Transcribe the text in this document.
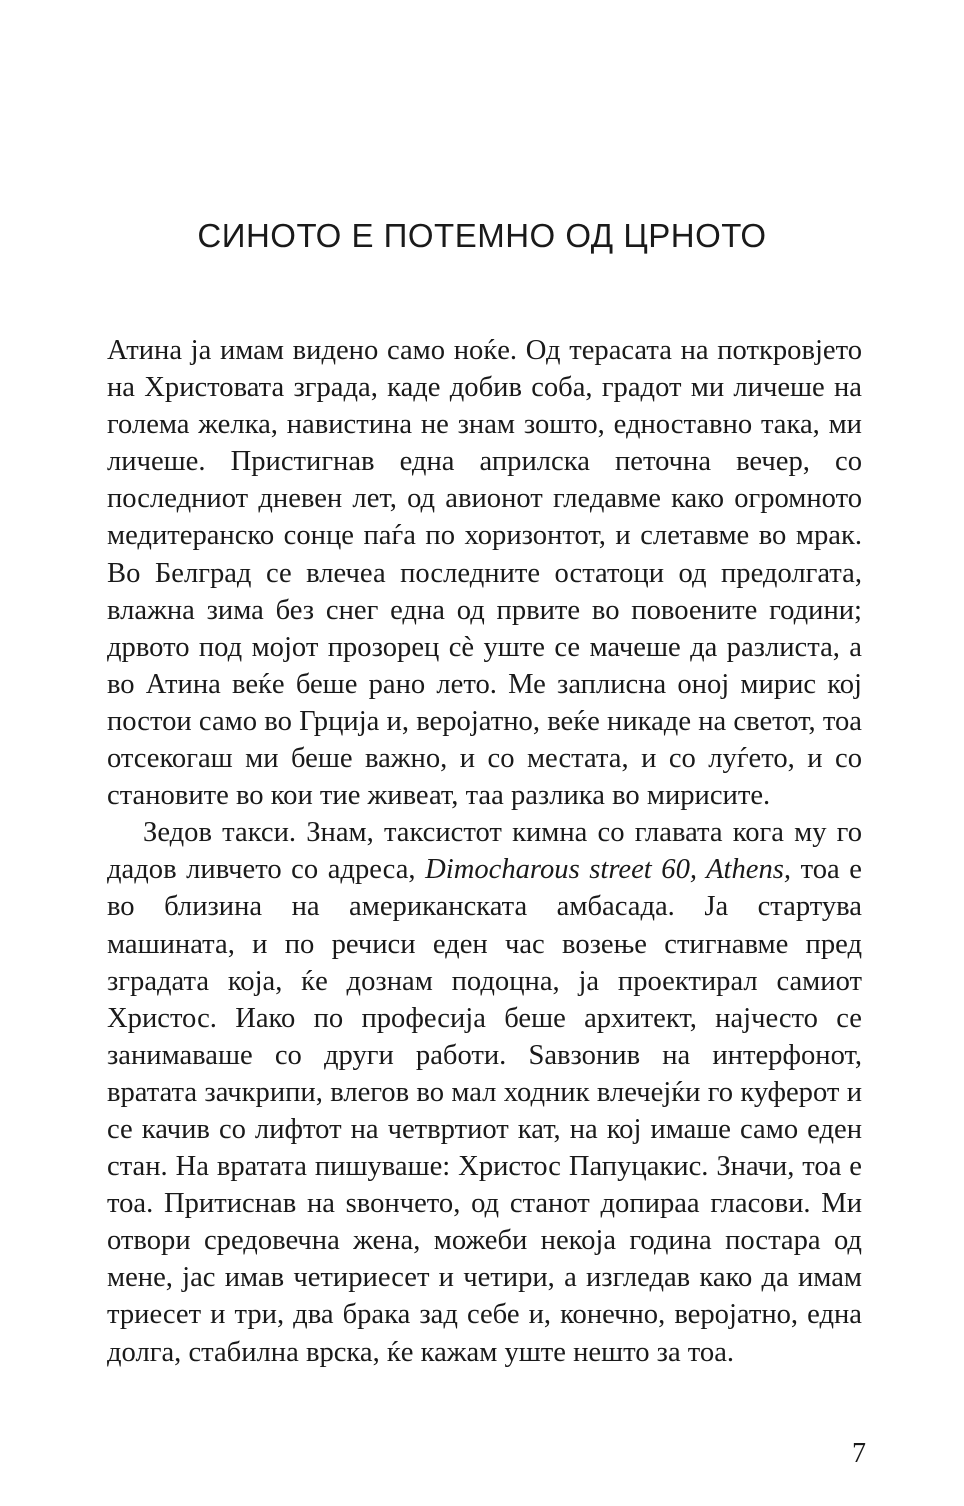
СИНОТО Е ПОТЕМНО ОД ЦРНОТО

Атина ја имам видено само ноќе. Од терасата на поткровјето на Христовата зграда, каде добив соба, градот ми личеше на голема желка, навистина не знам зошто, едноставно така, ми личеше. Пристигнав една априлска петочна вечер, со последниот дневен лет, од авионот гледавме како огромното медитеранско сонце паѓа по хоризонтот, и слетавме во мрак. Во Белград се влечеа последните остатоци од предолгата, влажна зима без снег една од првите во повоените години; дрвото под мојот прозорец сè уште се мачеше да разлиста, а во Атина веќе беше рано лето. Ме заплисна оној мирис кој постои само во Грција и, веројатно, веќе никаде на светот, тоа отсекогаш ми беше важно, и со местата, и со луѓето, и со становите во кои тие живеат, таа разлика во мирисите.

Зедов такси. Знам, таксистот кимна со главата кога му го дадов ливчето со адреса, Dimocharous street 60, Athens, тоа е во близина на американската амбасада. Ја стартува машината, и по речиси еден час возење стигнавме пред зградата која, ќе дознам подоцна, ја проектирал самиот Христос. Иако по професија беше архитект, најчесто се занимаваше со други работи. Ѕавзонив на интерфонот, вратата зачкрипи, влегов во мал ходник влечејќи го куферот и се качив со лифтот на четвртиот кат, на кој имаше само еден стан. На вратата пишуваше: Христос Папуцакис. Значи, тоа е тоа. Притиснав на ѕвончето, од станот допираа гласови. Ми отвори средовечна жена, можеби некоја година постара од мене, јас имав четириесет и четири, а изгледав како да имам триесет и три, два брака зад себе и, конечно, веројатно, една долга, стабилна врска, ќе кажам уште нешто за тоа.

7
